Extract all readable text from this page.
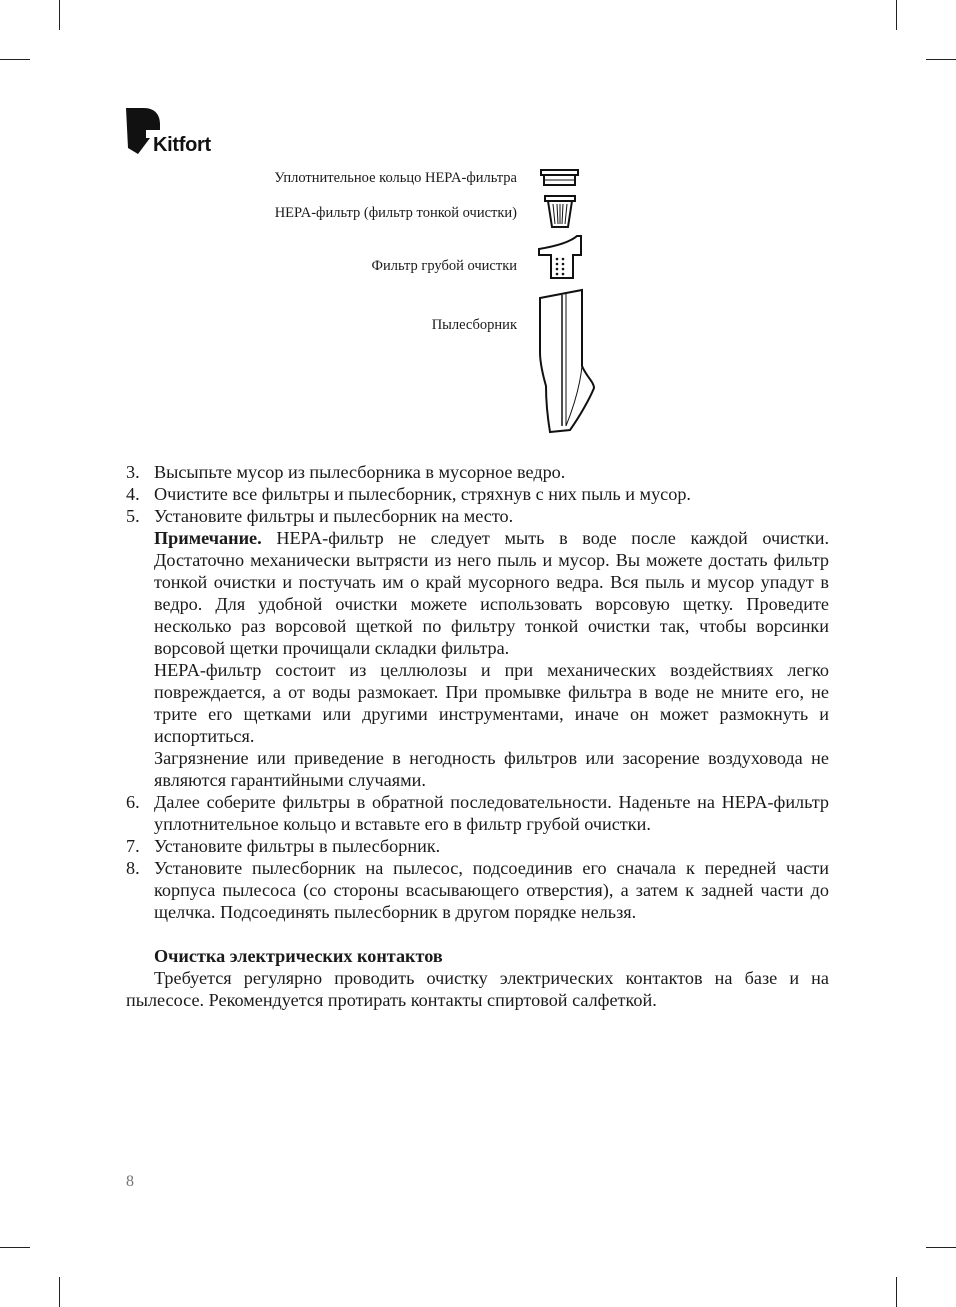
Kitfort
Уплотнительное кольцо HEPA-фильтра
HEPA-фильтр (фильтр тонкой очистки)
Фильтр грубой очистки
Пылесборник
3. Высыпьте мусор из пылесборника в мусорное ведро.
4. Очистите все фильтры и пылесборник, стряхнув с них пыль и мусор.
5. Установите фильтры и пылесборник на место.
Примечание. HEPA-фильтр не следует мыть в воде после каждой очистки. Достаточно механически вытрясти из него пыль и мусор. Вы можете достать фильтр тонкой очистки и постучать им о край мусорного ведра. Вся пыль и мусор упадут в ведро. Для удобной очистки можете использовать ворсовую щетку. Проведите несколько раз ворсовой щеткой по фильтру тонкой очистки так, чтобы ворсинки ворсовой щетки прочищали складки фильтра.
HEPA-фильтр состоит из целлюлозы и при механических воздействиях легко повреждается, а от воды размокает. При промывке фильтра в воде не мните его, не трите его щетками или другими инструментами, иначе он может размокнуть и испортиться.
Загрязнение или приведение в негодность фильтров или засорение воздуховода не являются гарантийными случаями.
6. Далее соберите фильтры в обратной последовательности. Наденьте на HEPA-фильтр уплотнительное кольцо и вставьте его в фильтр грубой очистки.
7. Установите фильтры в пылесборник.
8. Установите пылесборник на пылесос, подсоединив его сначала к передней части корпуса пылесоса (со стороны всасывающего отверстия), а затем к задней части до щелчка. Подсоединять пылесборник в другом порядке нельзя.
Очистка электрических контактов
Требуется регулярно проводить очистку электрических контактов на базе и на пылесосе. Рекомендуется протирать контакты спиртовой салфеткой.
8
